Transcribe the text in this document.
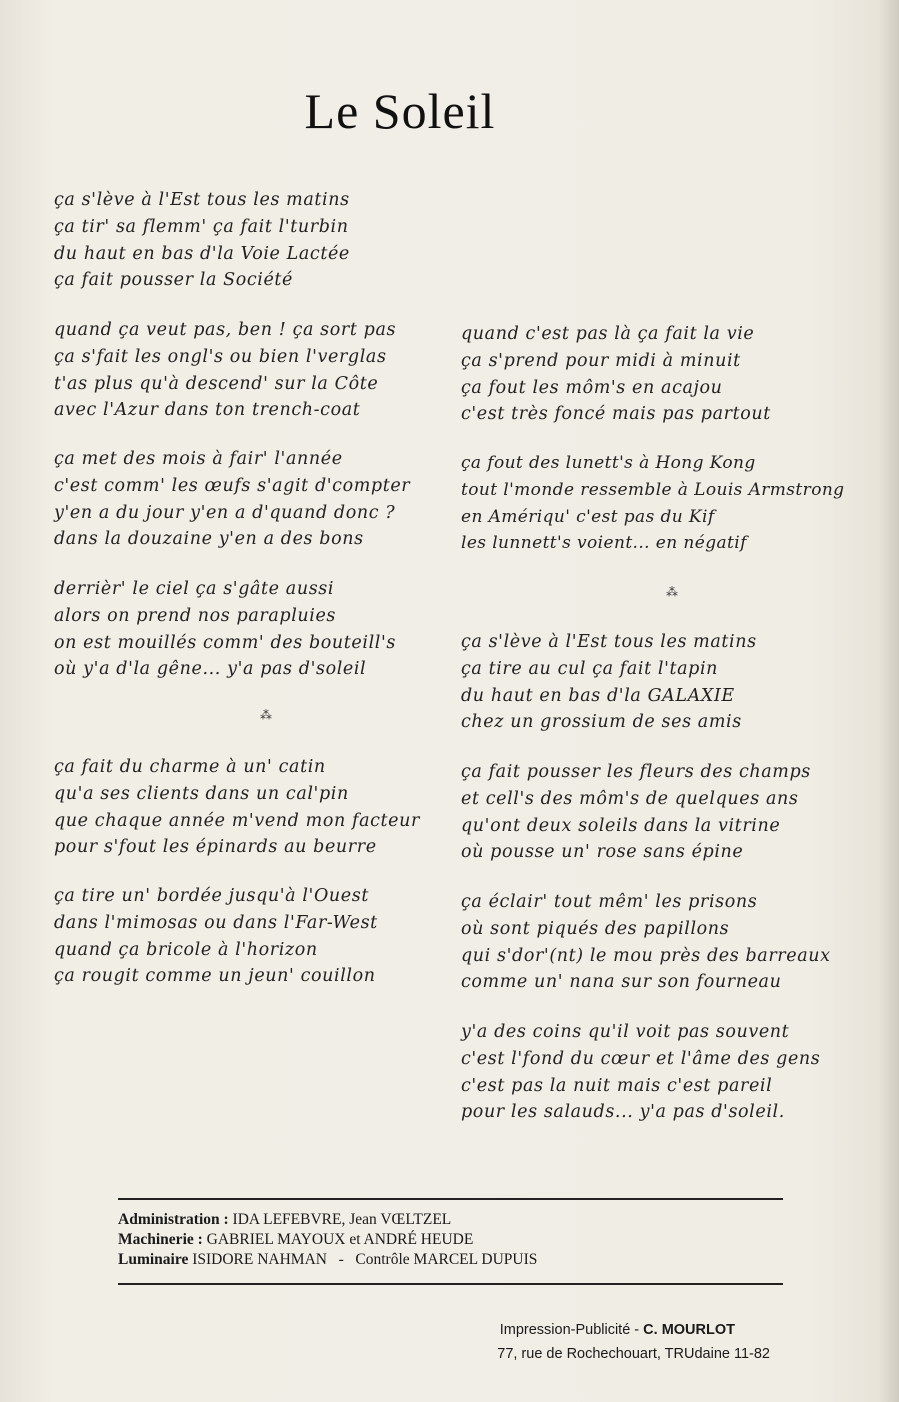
Le Soleil
ça s'lève à l'Est tous les matins
ça tir' sa flemm' ça fait l'turbin
du haut en bas d'la Voie Lactée
ça fait pousser la Société
quand ça veut pas, ben ! ça sort pas
ça s'fait les ongl's ou bien l'verglas
t'as plus qu'à descend' sur la Côte
avec l'Azur dans ton trench-coat
ça met des mois à fair' l'année
c'est comm' les œufs s'agit d'compter
y'en a du jour y'en a d'quand donc ?
dans la douzaine y'en a des bons
derrièr' le ciel ça s'gâte aussi
alors on prend nos parapluies
on est mouillés comm' des bouteill's
où y'a d'la gêne... y'a pas d'soleil
⁂
ça fait du charme à un' catin
qu'a ses clients dans un cal'pin
que chaque année m'vend mon facteur
pour s'fout les épinards au beurre
ça tire un' bordée jusqu'à l'Ouest
dans l'mimosas ou dans l'Far-West
quand ça bricole à l'horizon
ça rougit comme un jeun' couillon
quand c'est pas là ça fait la vie
ça s'prend pour midi à minuit
ça fout les môm's en acajou
c'est très foncé mais pas partout
ça fout des lunett's à Hong Kong
tout l'monde ressemble à Louis Armstrong
en Amériqu' c'est pas du Kif
les lunnett's voient... en négatif
⁂
ça s'lève à l'Est tous les matins
ça tire au cul ça fait l'tapin
du haut en bas d'la GALAXIE
chez un grossium de ses amis
ça fait pousser les fleurs des champs
et cell's des môm's de quelques ans
qu'ont deux soleils dans la vitrine
où pousse un' rose sans épine
ça éclair' tout mêm' les prisons
où sont piqués des papillons
qui s'dor'(nt) le mou près des barreaux
comme un' nana sur son fourneau
y'a des coins qu'il voit pas souvent
c'est l'fond du cœur et l'âme des gens
c'est pas la nuit mais c'est pareil
pour les salauds... y'a pas d'soleil.
Administration : IDA LEFEBVRE, Jean VŒLTZEL
Machinerie : GABRIEL MAYOUX et ANDRÉ HEUDE
Luminaire ISIDORE NAHMAN - Contrôle MARCEL DUPUIS
Impression-Publicité - C. MOURLOT
77, rue de Rochechouart, TRUdaine 11-82
